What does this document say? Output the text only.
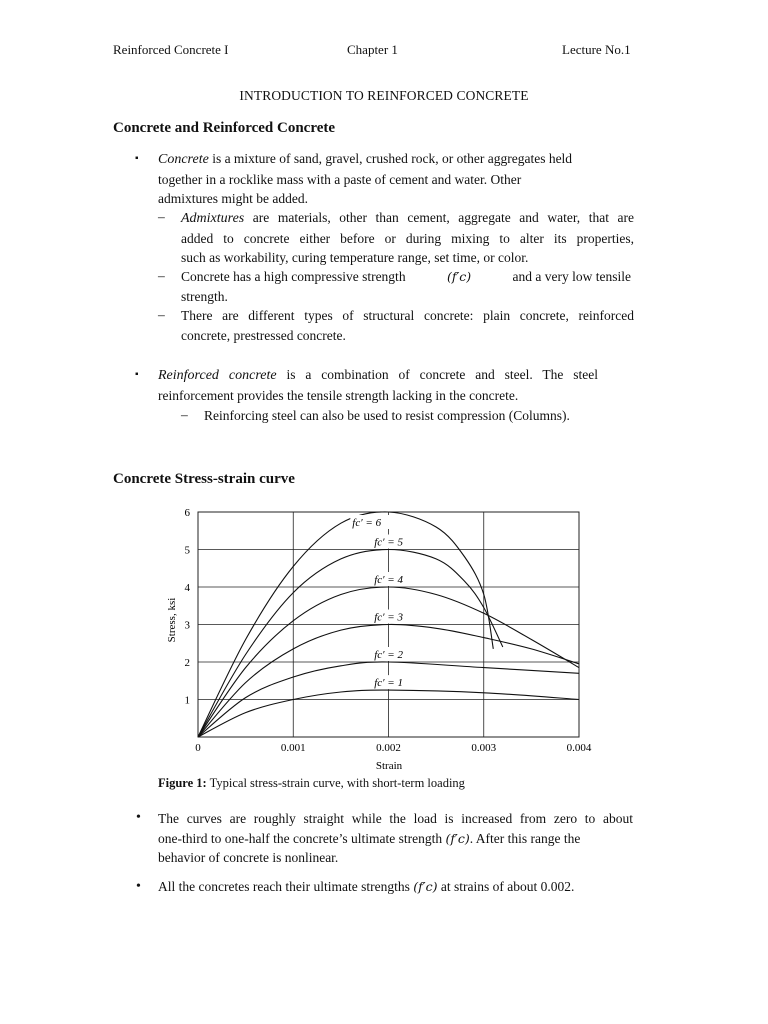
Reinforced Concrete I	Chapter 1	Lecture No.1
INTRODUCTION TO REINFORCED CONCRETE
Concrete and Reinforced Concrete
▪ Concrete is a mixture of sand, gravel, crushed rock, or other aggregates held
together in a rocklike mass with a paste of cement and water. Other
admixtures might be added.
– Admixtures are materials, other than cement, aggregate and water, that are
added to concrete either before or during mixing to alter its properties,
such as workability, curing temperature range, set time, or color.
– Concrete has a high compressive strength	(f′c)	and a very low tensile
strength.
– There are different types of structural concrete: plain concrete, reinforced
concrete, prestressed concrete.
▪ Reinforced concrete is a combination of concrete and steel. The steel
reinforcement provides the tensile strength lacking in the concrete.
– Reinforcing steel can also be used to resist compression (Columns).
Concrete Stress-strain curve
1
2
3
4
5
6
0	0.001	0.002	0.003	0.004
fc′ = 6
fc′ = 5
fc′ = 4
fc′ = 3
fc′ = 2
fc′ = 1
Stress, ksi
Strain
Figure 1: Typical stress-strain curve, with short-term loading
• The curves are roughly straight while the load is increased from zero to about
one-third to one-half the concrete’s ultimate strength (f′c). After this range the
behavior of concrete is nonlinear.
• All the concretes reach their ultimate strengths (f′c) at strains of about 0.002.
